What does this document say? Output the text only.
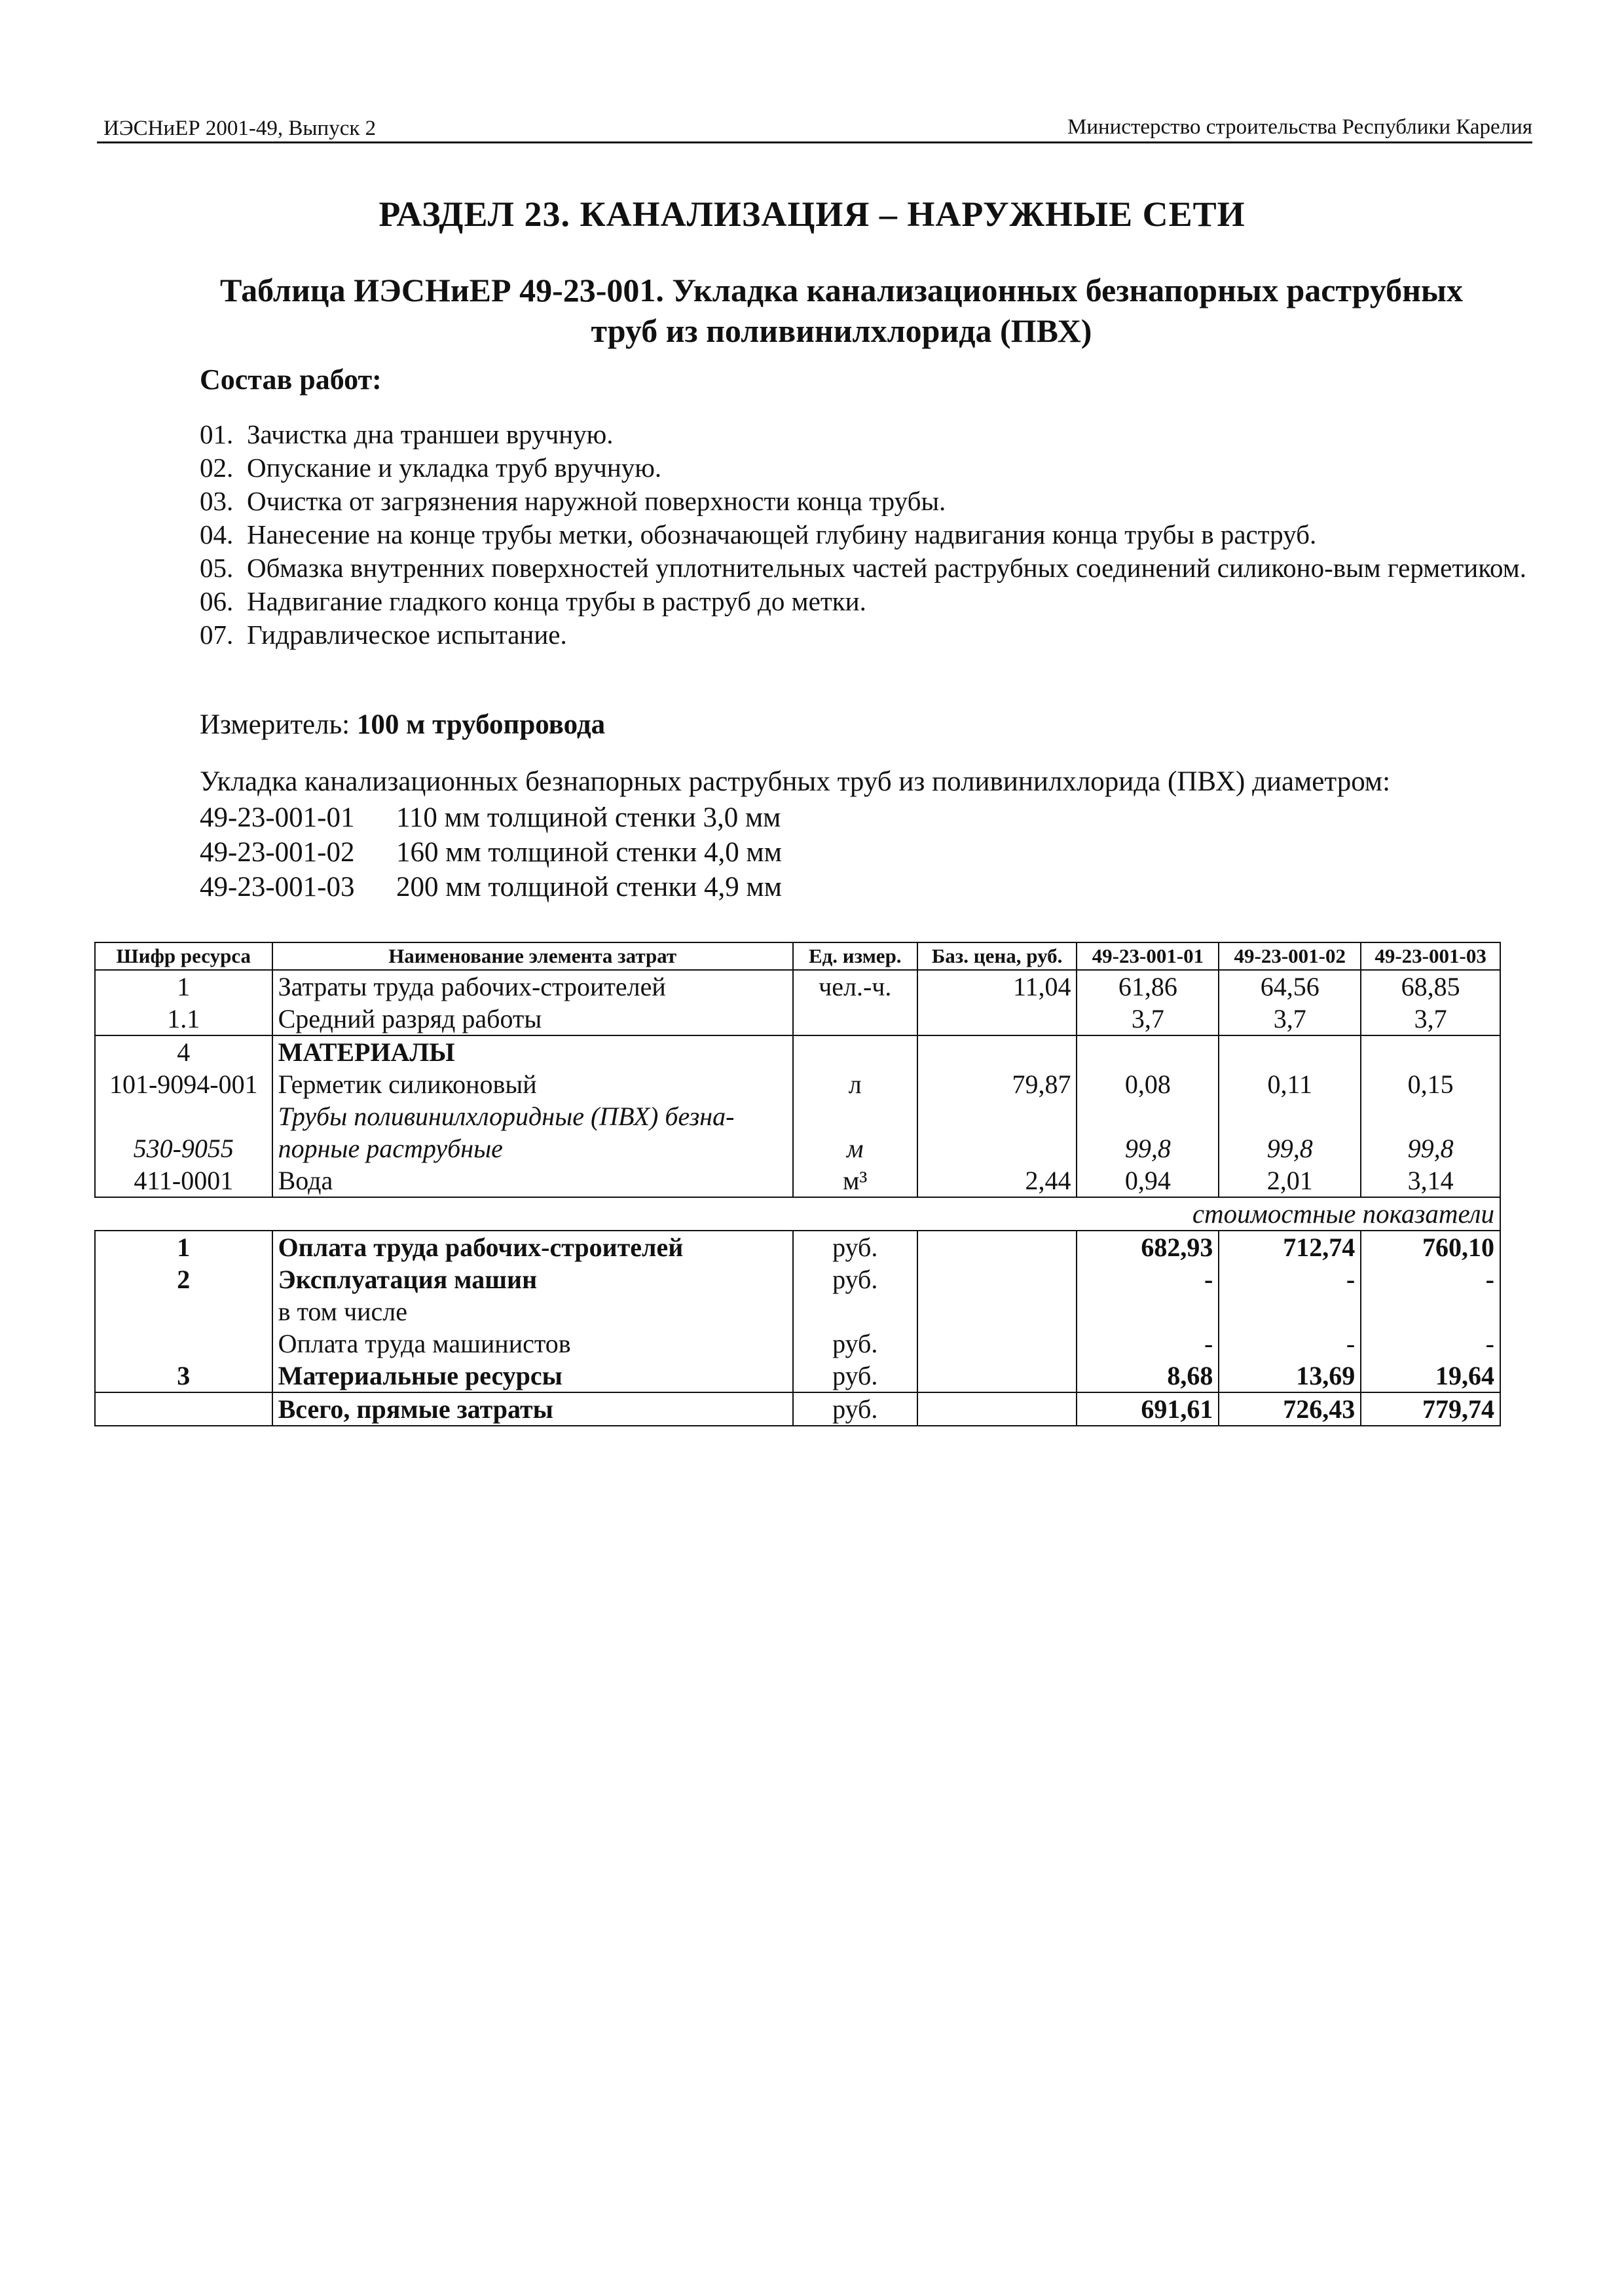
ИЭСНиЕР 2001-49, Выпуск 2	Министерство строительства Республики Карелия
РАЗДЕЛ 23. КАНАЛИЗАЦИЯ – НАРУЖНЫЕ СЕТИ
Таблица ИЭСНиЕР 49-23-001. Укладка канализационных безнапорных раструбных
труб из поливинилхлорида (ПВХ)
Состав работ:
01. Зачистка дна траншеи вручную.
02. Опускание и укладка труб вручную.
03. Очистка от загрязнения наружной поверхности конца трубы.
04. Нанесение на конце трубы метки, обозначающей глубину надвигания конца трубы в раструб.
05. Обмазка внутренних поверхностей уплотнительных частей раструбных соединений силиконо-вым герметиком.
06. Надвигание гладкого конца трубы в раструб до метки.
07. Гидравлическое испытание.
Измеритель: 100 м трубопровода
Укладка канализационных безнапорных раструбных труб из поливинилхлорида (ПВХ) диаметром:
49-23-001-01	110 мм толщиной стенки 3,0 мм
49-23-001-02	160 мм толщиной стенки 4,0 мм
49-23-001-03	200 мм толщиной стенки 4,9 мм
Шифр ресурса	Наименование элемента затрат	Ед. измер.	Баз. цена, руб.	49-23-001-01	49-23-001-02	49-23-001-03
1	Затраты труда рабочих-строителей	чел.-ч.	11,04	61,86	64,56	68,85
1.1	Средний разряд работы			3,7	3,7	3,7
4	МАТЕРИАЛЫ					
101-9094-001	Герметик силиконовый	л	79,87	0,08	0,11	0,15
	Трубы поливинилхлоридные (ПВХ) безна-					
530-9055	порные раструбные	м		99,8	99,8	99,8
411-0001	Вода	м³	2,44	0,94	2,01	3,14
стоимостные показатели						
1	Оплата труда рабочих-строителей	руб.		682,93	712,74	760,10
2	Эксплуатация машин	руб.		-	-	-
	в том числе					
	Оплата труда машинистов	руб.		-	-	-
3	Материальные ресурсы	руб.		8,68	13,69	19,64
	Всего, прямые затраты	руб.		691,61	726,43	779,74
